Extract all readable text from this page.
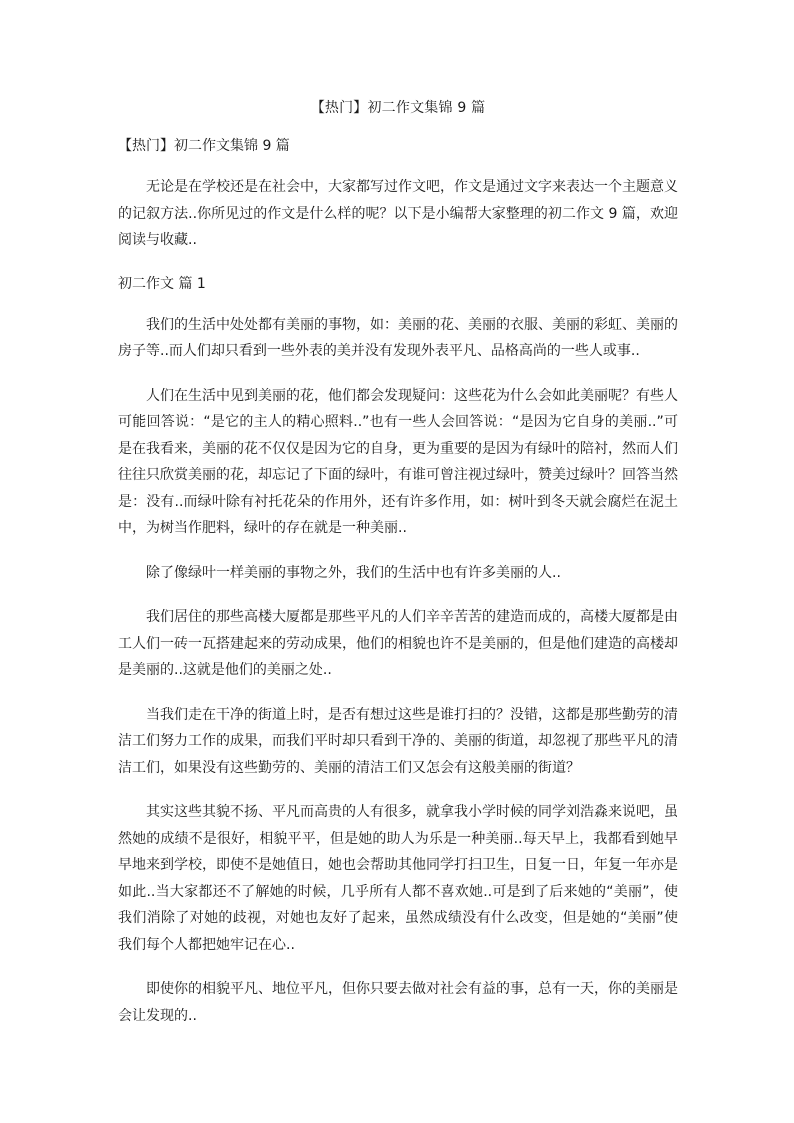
【热门】初二作文集锦 9 篇
【热门】初二作文集锦 9 篇

无论是在学校还是在社会中，大家都写过作文吧，作文是通过文字来表达一个主题意义的记叙方法..你所见过的作文是什么样的呢？以下是小编帮大家整理的初二作文 9 篇，欢迎阅读与收藏..

初二作文 篇 1

我们的生活中处处都有美丽的事物，如：美丽的花、美丽的衣服、美丽的彩虹、美丽的房子等..而人们却只看到一些外表的美并没有发现外表平凡、品格高尚的一些人或事..

人们在生活中见到美丽的花，他们都会发现疑问：这些花为什么会如此美丽呢？有些人可能回答说：“是它的主人的精心照料..”也有一些人会回答说：“是因为它自身的美丽..”可是在我看来，美丽的花不仅仅是因为它的自身，更为重要的是因为有绿叶的陪衬，然而人们往往只欣赏美丽的花，却忘记了下面的绿叶，有谁可曾注视过绿叶，赞美过绿叶？回答当然是：没有..而绿叶除有衬托花朵的作用外，还有许多作用，如：树叶到冬天就会腐烂在泥土中，为树当作肥料，绿叶的存在就是一种美丽..

除了像绿叶一样美丽的事物之外，我们的生活中也有许多美丽的人..

我们居住的那些高楼大厦都是那些平凡的人们辛辛苦苦的建造而成的，高楼大厦都是由工人们一砖一瓦搭建起来的劳动成果，他们的相貌也许不是美丽的，但是他们建造的高楼却是美丽的..这就是他们的美丽之处..

当我们走在干净的街道上时，是否有想过这些是谁打扫的？没错，这都是那些勤劳的清洁工们努力工作的成果，而我们平时却只看到干净的、美丽的街道，却忽视了那些平凡的清洁工们，如果没有这些勤劳的、美丽的清洁工们又怎会有这般美丽的街道？

其实这些其貌不扬、平凡而高贵的人有很多，就拿我小学时候的同学刘浩淼来说吧，虽然她的成绩不是很好，相貌平平，但是她的助人为乐是一种美丽..每天早上，我都看到她早早地来到学校，即使不是她值日，她也会帮助其他同学打扫卫生，日复一日，年复一年亦是如此..当大家都还不了解她的时候，几乎所有人都不喜欢她..可是到了后来她的“美丽”，使我们消除了对她的歧视，对她也友好了起来，虽然成绩没有什么改变，但是她的“美丽”使我们每个人都把她牢记在心..

即使你的相貌平凡、地位平凡，但你只要去做对社会有益的事，总有一天，你的美丽是会让发现的..
